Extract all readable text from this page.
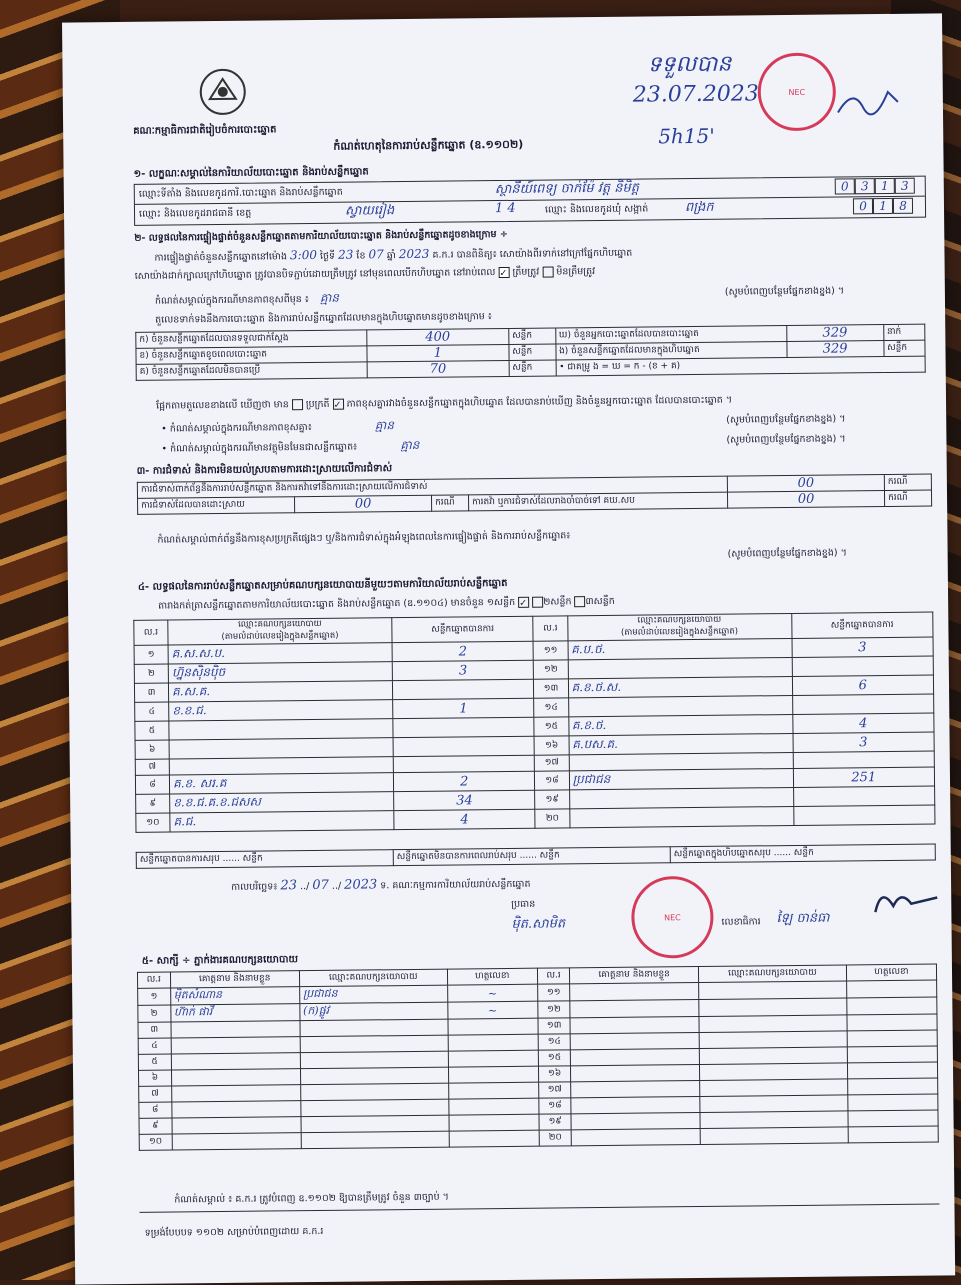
គណៈកម្មាធិការជាតិរៀបចំការបោះឆ្នោត
ទទួលបាន
23.07.2023	NEC
កំណត់ហេតុនៃការរាប់សន្លឹកឆ្នោត (ឧ.១១០២)	5h15'
១- លក្ខណៈសម្គាល់នៃការិយាល័យបោះឆ្នោត និងរាប់សន្លឹកឆ្នោត
ឈ្មោះទីតាំង និងលេខកូដការិ.បោះឆ្នោត និងរាប់សន្លឹកឆ្នោត	ស្ថានីយ៍ពេទ្យ ចាក់ម៉ែ វត្ត និមិត្ត	0	3	1	3
ឈ្មោះ និងលេខកូដរាជធានី ខេត្ត	ស្វាយរៀង	1 4	ឈ្មោះ និងលេខកូដឃុំ សង្កាត់	ពង្រក	0	1	8
២- លទ្ធផលនៃការផ្ទៀងផ្ទាត់ចំនួនសន្លឹកឆ្នោតតាមការិយាល័យបោះឆ្នោត និងរាប់សន្លឹកឆ្នោតដូចខាងក្រោម ÷
ការផ្ទៀងផ្ទាត់ចំនួនសន្លឹកឆ្នោតនៅម៉ោង 3:00 ថ្ងៃទី 23 ខែ 07 ឆ្នាំ 2023 គ.ក.រ បានពិនិត្យ៖ សោយ៉ាងពីរទាក់នៅក្រៅផ្នែកហិបឆ្នោត
សោយ៉ាងដាក់ក្បាលក្រៅហិបឆ្នោត ត្រូវបានបិទភ្ជាប់ដោយត្រឹមត្រូវ នៅមុនពេលបើកហិបឆ្នោត នៅរាប់ពេល ✓ ត្រឹមត្រូវ មិនត្រឹមត្រូវ
កំណត់សម្គាល់ក្នុងករណីមានភាពខុសពីមុន ៖ គ្មាន	(សូមបំពេញបន្ថែមផ្នែកខាងខ្នង) ។
តួលេខទាក់ទងនឹងការបោះឆ្នោត និងការរាប់សន្លឹកឆ្នោតដែលមានក្នុងហិបឆ្នោតមានដូចខាងក្រោម ៖
ក) ចំនួនសន្លឹកឆ្នោតដែលបានទទួលជាក់ស្ដែង	400	សន្លឹក	ឃ) ចំនួនអ្នកបោះឆ្នោតដែលបានបោះឆ្នោត	329	នាក់
ខ) ចំនួនសន្លឹកឆ្នោតខូចពេលបោះឆ្នោត	1	សន្លឹក	ង) ចំនួនសន្លឹកឆ្នោតដែលមានក្នុងហិបឆ្នោត	329	សន្លឹក
គ) ចំនួនសន្លឹកឆ្នោតដែលមិនបានប្រើ	70	សន្លឹក	• ជាគម្រូ ង = ឃ = ក - (ខ + គ)		
ផ្អែកតាមតួលេខខាងលើ ឃើញថា មាន ប្រក្រតី ✓ ភាពខុសគ្នារវាងចំនួនសន្លឹកឆ្នោតក្នុងហិបឆ្នោត ដែលបានរាប់ឃើញ និងចំនួនអ្នកបោះឆ្នោត ដែលបានបោះឆ្នោត ។
• កំណត់សម្គាល់ក្នុងករណីមានភាពខុសគ្នា៖	គ្មាន	(សូមបំពេញបន្ថែមផ្នែកខាងខ្នង) ។
• កំណត់សម្គាល់ក្នុងករណីមានវត្ថុមិនមែនជាសន្លឹកឆ្នោត៖	គ្មាន	(សូមបំពេញបន្ថែមផ្នែកខាងខ្នង) ។
៣- ការជំទាស់ និងការមិនយល់ស្របតាមការដោះស្រាយលើការជំទាស់
ការជំទាស់ពាក់ព័ន្ធនឹងការរាប់សន្លឹកឆ្នោត និងការតវ៉ាទៅនឹងការដោះស្រាយលើការជំទាស់				00	ករណី
ការជំទាស់ដែលបានដោះស្រាយ	00	ករណី	ការតវ៉ា ឬការជំទាស់ដែលរាងចាំបាច់ទៅ គឃ.សប	00	ករណី
កំណត់សម្គាល់ពាក់ព័ន្ធនឹងការខុសប្រក្រតីផ្សេងៗ ឬ/និងការជំទាស់ក្នុងអំឡុងពេលនៃការផ្ទៀងផ្ទាត់ និងការរាប់សន្លឹកឆ្នោត៖
(សូមបំពេញបន្ថែមផ្នែកខាងខ្នង) ។
៤- លទ្ធផលនៃការរាប់សន្លឹកឆ្នោតសម្រាប់គណបក្សនយោបាយនីមួយៗតាមការិយាល័យរាប់សន្លឹកឆ្នោត
តារាងកត់ត្រាសន្លឹកឆ្នោតតាមការិយាល័យបោះឆ្នោត និងរាប់សន្លឹកឆ្នោត (ឧ.១១០៤) មានចំនួន ១សន្លឹក ✓ ២សន្លឹក ៣សន្លឹក
ល.រ	ឈ្មោះគណបក្សនយោបាយ
(តាមលំដាប់លេខរៀងក្នុងសន្លឹកឆ្នោត)	សន្លឹកឆ្នោតបានការ	ល.រ	ឈ្មោះគណបក្សនយោបាយ
(តាមលំដាប់លេខរៀងក្នុងសន្លឹកឆ្នោត)	សន្លឹកឆ្នោតបានការ
១	គ.ស.ស.ប.	2	១១	គ.ប.ថ.	3
២	ហ្វ៊ុនស៊ិនប៉ិច	3	១២		
៣	គ.ស.គ.		១៣	គ.ខ.ថ.ស.	6
៤	ខ.ខ.ជ.	1	១៤		
៥			១៥	គ.ខ.ថ.	4
៦			១៦	គ.បស.គ.	3
៧			១៧		
៨	គ.ខ. សរ.គ	2	១៨	ប្រជាជន	251
៩	ខ.ខ.ជ.គ.ខ.ជសស	34	១៩		
១០	គ.ជ.	4	២០		
សន្លឹកឆ្នោតបានការសរុប ...... សន្លឹក	សន្លឹកឆ្នោតមិនបានការពេលរាប់សរុប ...... សន្លឹក	សន្លឹកឆ្នោតក្នុងហិបឆ្នោតសរុប ...... សន្លឹក
កាលបរិច្ឆេទ៖ 23 ../ 07 ../ 2023 ទ. គណៈកម្មការការិយាល័យរាប់សន្លឹកឆ្នោត
NEC
ប្រធាន
ម៉ិត.សាមិត	លេខាធិការ ឡៃ ចាន់ធា
៥- សាក្សី ÷ ភ្នាក់ងារគណបក្សនយោបាយ
ល.រ	គោត្តនាម និងនាមខ្លួន	ឈ្មោះគណបក្សនយោបាយ	ហត្ថលេខា	ល.រ	គោត្តនាម និងនាមខ្លួន	ឈ្មោះគណបក្សនយោបាយ	ហត្ថលេខា
១	ម៉ិតសំណាន	ប្រជាជន	~	១១			
២	ហ៊ាក់ ផាវី	(ក)ផ្លូវ	~	១២			
៣				១៣			
៤				១៤			
៥				១៥			
៦				១៦			
៧				១៧			
៨				១៨			
៩				១៩			
១០				២០			
កំណត់សម្គាល់ ៖ គ.ក.រ ត្រូវបំពេញ ឧ.១១០២ ឱ្យបានត្រឹមត្រូវ ចំនួន ៣ច្បាប់ ។
ទម្រង់បែបបទ ១១០២ សម្រាប់បំពេញដោយ គ.ក.រ
